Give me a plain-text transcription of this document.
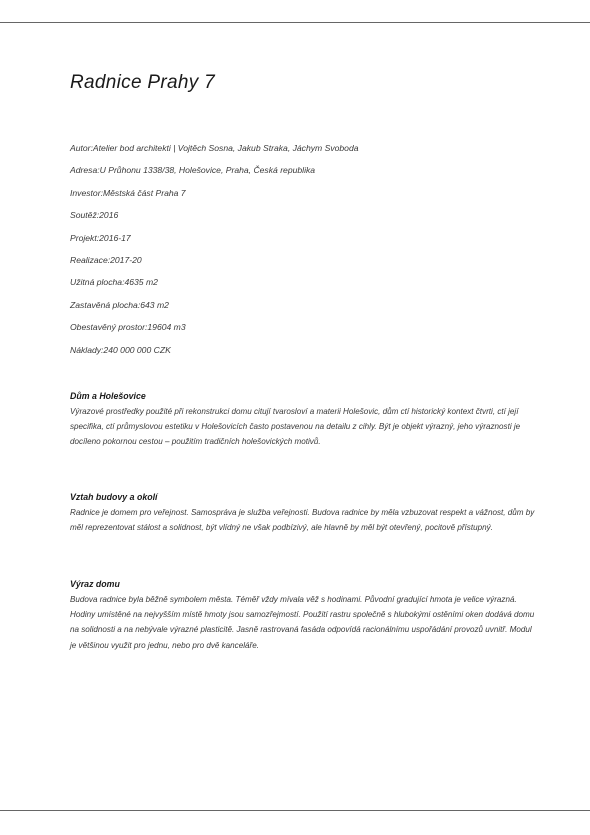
Radnice Prahy 7
Autor:Atelier bod architekti | Vojtěch Sosna, Jakub Straka, Jáchym Svoboda
Adresa:U Průhonu 1338/38, Holešovice, Praha, Česká republika
Investor:Městská část Praha 7
Soutěž:2016
Projekt:2016-17
Realizace:2017-20
Užitná plocha:4635 m2
Zastavěná plocha:643 m2
Obestavěný prostor:19604 m3
Náklady:240 000 000 CZK
Dům a Holešovice

Výrazové prostředky použité při rekonstrukci domu citují tvarosloví a materii Holešovic, dům ctí historický kontext čtvrti, ctí její specifika, ctí průmyslovou estetiku v Holešovicích často postavenou na detailu z cihly. Být je objekt výrazný, jeho výraznosti je docíleno pokornou cestou – použitím tradičních holešovických motivů.

Vztah budovy a okolí

Radnice je domem pro veřejnost. Samospráva je služba veřejnosti. Budova radnice by měla vzbuzovat respekt a vážnost, dům by měl reprezentovat stálost a solidnost, být vlídný ne však podbízivý, ale hlavně by měl být otevřený, pocitově přístupný.

Výraz domu

Budova radnice byla běžně symbolem města. Téměř vždy mívala věž s hodinami. Původní gradující hmota je velice výrazná. Hodiny umístěné na nejvyšším místě hmoty jsou samozřejmostí. Použití rastru společně s hlubokými ostěními oken dodává domu na solidnosti a na nebývale výrazné plasticitě. Jasně rastrovaná fasáda odpovídá racionálnímu uspořádání provozů uvnitř. Modul je většinou využit pro jednu, nebo pro dvě kanceláře.
